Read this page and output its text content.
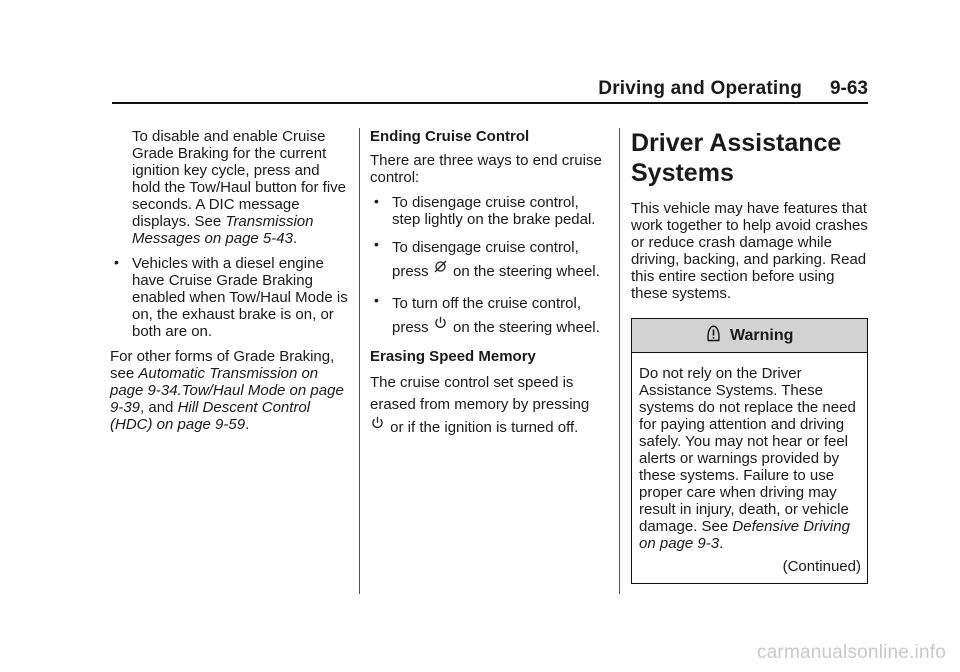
Driving and Operating 9-63

To disable and enable Cruise Grade Braking for the current ignition key cycle, press and hold the Tow/Haul button for five seconds. A DIC message displays. See Transmission Messages on page 5-43.

• Vehicles with a diesel engine have Cruise Grade Braking enabled when Tow/Haul Mode is on, the exhaust brake is on, or both are on.

For other forms of Grade Braking, see Automatic Transmission on page 9-34.Tow/Haul Mode on page 9-39, and Hill Descent Control (HDC) on page 9-59.

Ending Cruise Control

There are three ways to end cruise control:

• To disengage cruise control, step lightly on the brake pedal.
• To disengage cruise control, press on the steering wheel.
• To turn off the cruise control, press on the steering wheel.
Erasing Speed Memory

The cruise control set speed is erased from memory by pressing  or if the ignition is turned off.

Driver Assistance Systems

This vehicle may have features that work together to help avoid crashes or reduce crash damage while driving, backing, and parking. Read this entire section before using these systems.

Warning

Do not rely on the Driver Assistance Systems. These systems do not replace the need for paying attention and driving safely. You may not hear or feel alerts or warnings provided by these systems. Failure to use proper care when driving may result in injury, death, or vehicle damage. See Defensive Driving on page 9-3.

(Continued)
carmanualsonline.info
